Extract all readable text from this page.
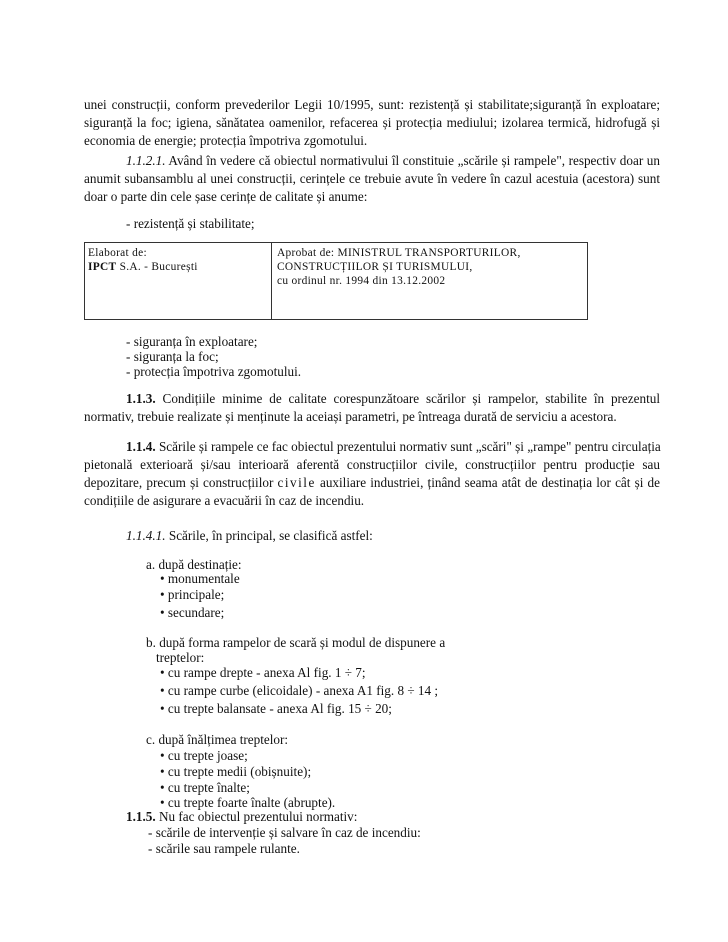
unei construcții, conform prevederilor Legii 10/1995, sunt: rezistență și stabilitate;siguranță în exploatare;
siguranță la foc; igiena, sănătatea oamenilor, refacerea și protecția mediului; izolarea termică, hidrofugă și
economia de energie; protecția împotriva zgomotului.
1.1.2.1. Având în vedere că obiectul normativului îl constituie „scările și rampele", respectiv doar un
anumit subansamblu al unei construcții, cerințele ce trebuie avute în vedere în cazul acestuia (acestora) sunt
doar o parte din cele șase cerințe de calitate și anume:

- rezistență și stabilitate;

Elaborat de:
IPCT S.A. - București
Aprobat de: MINISTRUL TRANSPORTURILOR,
CONSTRUCȚIILOR ȘI TURISMULUI,
cu ordinul nr. 1994 din 13.12.2002

- siguranța în exploatare;

- siguranța la foc;

- protecția împotriva zgomotului.

1.1.3. Condițiile minime de calitate corespunzătoare scărilor și rampelor, stabilite în prezentul
normativ, trebuie realizate și menținute la aceiași parametri, pe întreaga durată de serviciu a acestora.
1.1.4. Scările și rampele ce fac obiectul prezentului normativ sunt „scări" și „rampe" pentru circulația
pietonală exterioară și/sau interioară aferentă construcțiilor civile, construcțiilor pentru producție sau
depozitare, precum și construcțiilor civile auxiliare industriei, ținând seama atât de destinația lor cât și de
condițiile de asigurare a evacuării în caz de incendiu.

1.1.4.1. Scările, în principal, se clasifică astfel:

a. după destinație:

• monumentale

• principale;

• secundare;

b. după forma rampelor de scară și modul de dispunere a

treptelor:

• cu rampe drepte - anexa Al fig. 1 ÷ 7;

• cu rampe curbe (elicoidale) - anexa A1 fig. 8 ÷ 14 ;

• cu trepte balansate - anexa Al fig. 15 ÷ 20;

c. după înălțimea treptelor:

• cu trepte joase;

• cu trepte medii (obișnuite);

• cu trepte înalte;

• cu trepte foarte înalte (abrupte).

1.1.5. Nu fac obiectul prezentului normativ:

- scările de intervenție și salvare în caz de incendiu:

- scările sau rampele rulante.
